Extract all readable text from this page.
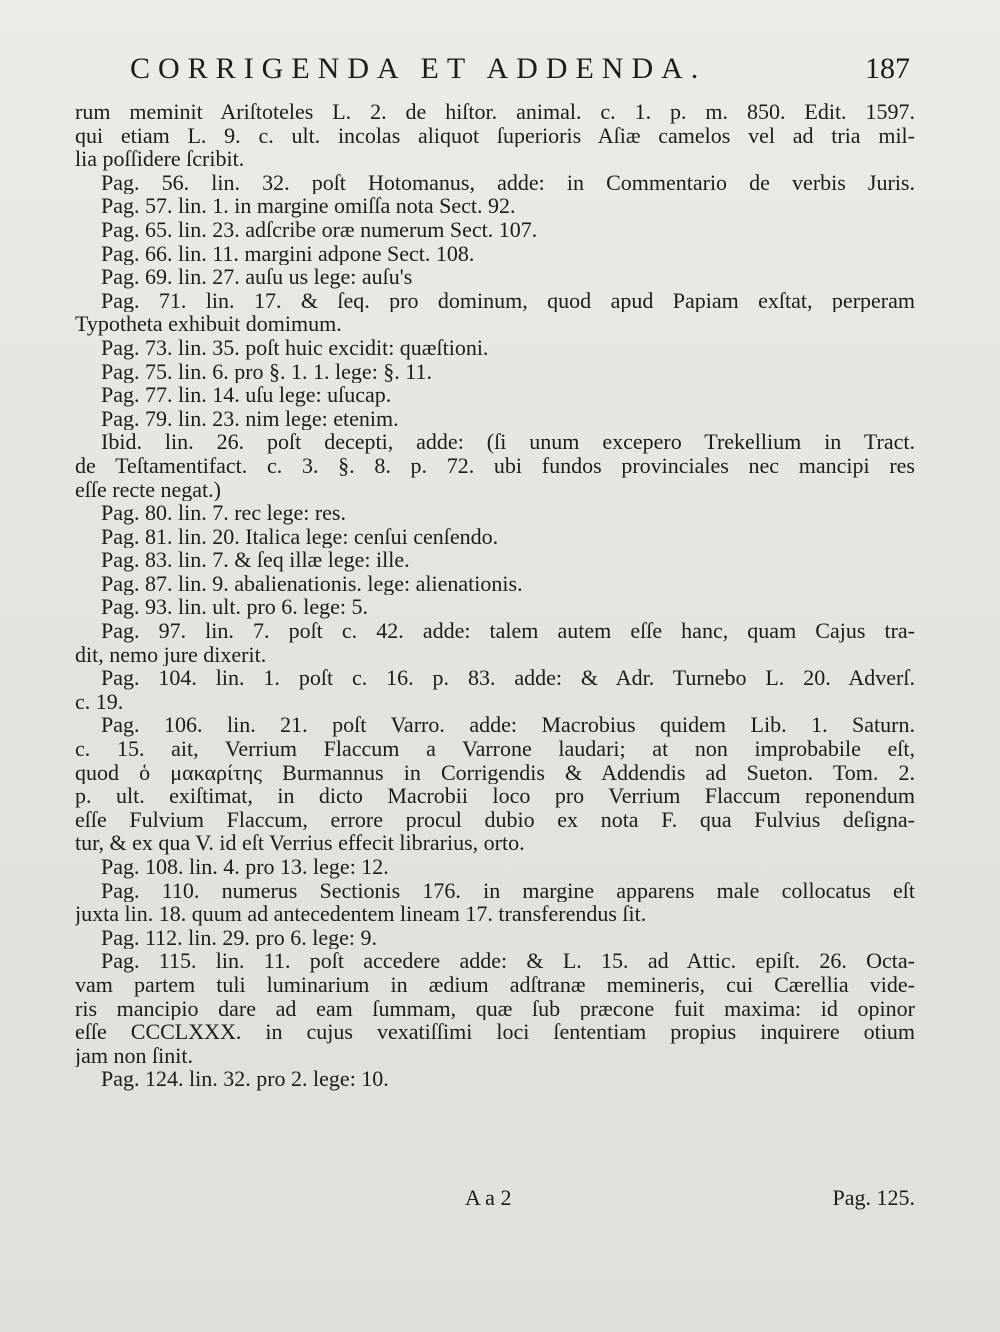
CORRIGENDA ET ADDENDA.	187
rum meminit Ariſtoteles L. 2. de hiſtor. animal. c. 1. p. m. 850. Edit. 1597.
qui etiam L. 9. c. ult. incolas aliquot ſuperioris Aſiæ camelos vel ad tria mil-
lia poſſidere ſcribit.
Pag. 56. lin. 32. poſt Hotomanus, adde: in Commentario de verbis Juris.
Pag. 57. lin. 1. in margine omiſſa nota Sect. 92.
Pag. 65. lin. 23. adſcribe oræ numerum Sect. 107.
Pag. 66. lin. 11. margini adpone Sect. 108.
Pag. 69. lin. 27. auſu us lege: auſu's
Pag. 71. lin. 17. & ſeq. pro dominum, quod apud Papiam exſtat, perperam
Typotheta exhibuit domimum.
Pag. 73. lin. 35. poſt huic excidit: quæſtioni.
Pag. 75. lin. 6. pro §. 1. 1. lege: §. 11.
Pag. 77. lin. 14. uſu lege: uſucap.
Pag. 79. lin. 23. nim lege: etenim.
Ibid. lin. 26. poſt decepti, adde: (ſi unum excepero Trekellium in Tract.
de Teſtamentifact. c. 3. §. 8. p. 72. ubi fundos provinciales nec mancipi res
eſſe recte negat.)
Pag. 80. lin. 7. rec lege: res.
Pag. 81. lin. 20. Italica lege: cenſui cenſendo.
Pag. 83. lin. 7. & ſeq illæ lege: ille.
Pag. 87. lin. 9. abalienationis. lege: alienationis.
Pag. 93. lin. ult. pro 6. lege: 5.
Pag. 97. lin. 7. poſt c. 42. adde: talem autem eſſe hanc, quam Cajus tra-
dit, nemo jure dixerit.
Pag. 104. lin. 1. poſt c. 16. p. 83. adde: & Adr. Turnebo L. 20. Adverſ.
c. 19.
Pag. 106. lin. 21. poſt Varro. adde: Macrobius quidem Lib. 1. Saturn.
c. 15. ait, Verrium Flaccum a Varrone laudari; at non improbabile eſt,
quod ὁ μακαρίτης Burmannus in Corrigendis & Addendis ad Sueton. Tom. 2.
p. ult. exiſtimat, in dicto Macrobii loco pro Verrium Flaccum reponendum
eſſe Fulvium Flaccum, errore procul dubio ex nota F. qua Fulvius deſigna-
tur, & ex qua V. id eſt Verrius effecit librarius, orto.
Pag. 108. lin. 4. pro 13. lege: 12.
Pag. 110. numerus Sectionis 176. in margine apparens male collocatus eſt
juxta lin. 18. quum ad antecedentem lineam 17. transferendus ſit.
Pag. 112. lin. 29. pro 6. lege: 9.
Pag. 115. lin. 11. poſt accedere adde: & L. 15. ad Attic. epiſt. 26. Octa-
vam partem tuli luminarium in ædium adſtranæ memineris, cui Cærellia vide-
ris mancipio dare ad eam ſummam, quæ ſub præcone fuit maxima: id opinor
eſſe CCCLXXX. in cujus vexatiſſimi loci ſententiam propius inquirere otium
jam non ſinit.
Pag. 124. lin. 32. pro 2. lege: 10.
A a 2	Pag. 125.
